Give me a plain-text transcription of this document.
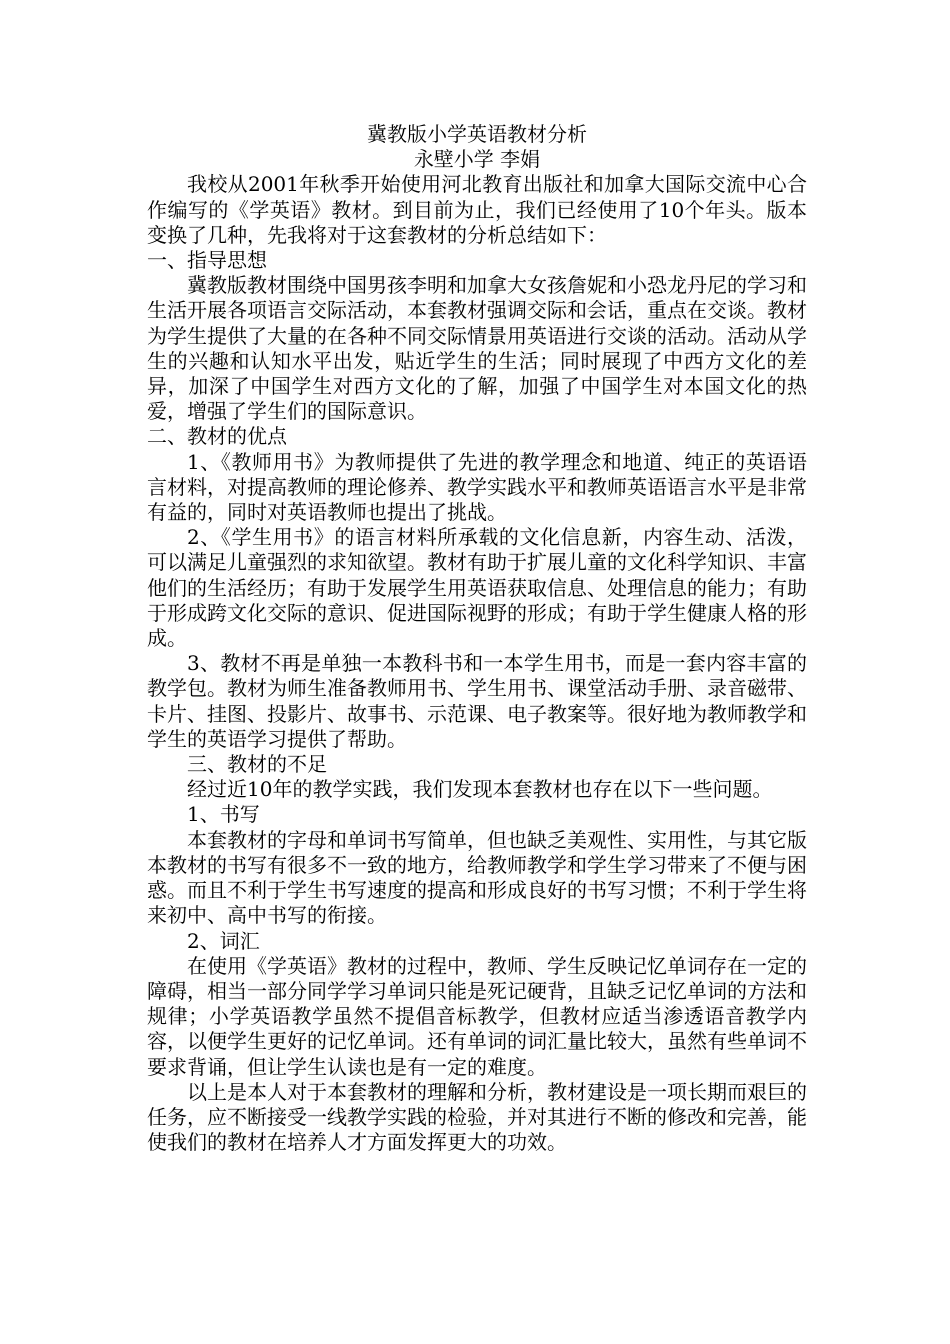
冀教版小学英语教材分析
永壁小学 李娟

我校从2001年秋季开始使用河北教育出版社和加拿大国际交流中心合作编写的《学英语》教材。到目前为止，我们已经使用了10个年头。版本变换了几种，先我将对于这套教材的分析总结如下：

一、指导思想

冀教版教材围绕中国男孩李明和加拿大女孩詹妮和小恐龙丹尼的学习和生活开展各项语言交际活动，本套教材强调交际和会话，重点在交谈。教材为学生提供了大量的在各种不同交际情景用英语进行交谈的活动。活动从学生的兴趣和认知水平出发，贴近学生的生活；同时展现了中西方文化的差异，加深了中国学生对西方文化的了解，加强了中国学生对本国文化的热爱，增强了学生们的国际意识。

二、教材的优点

1、《教师用书》为教师提供了先进的教学理念和地道、纯正的英语语言材料，对提高教师的理论修养、教学实践水平和教师英语语言水平是非常有益的，同时对英语教师也提出了挑战。

2、《学生用书》的语言材料所承载的文化信息新，内容生动、活泼，可以满足儿童强烈的求知欲望。教材有助于扩展儿童的文化科学知识、丰富他们的生活经历；有助于发展学生用英语获取信息、处理信息的能力；有助于形成跨文化交际的意识、促进国际视野的形成；有助于学生健康人格的形成。

3、教材不再是单独一本教科书和一本学生用书，而是一套内容丰富的教学包。教材为师生准备教师用书、学生用书、课堂活动手册、录音磁带、卡片、挂图、投影片、故事书、示范课、电子教案等。很好地为教师教学和学生的英语学习提供了帮助。

三、教材的不足

经过近10年的教学实践，我们发现本套教材也存在以下一些问题。

1、书写

本套教材的字母和单词书写简单，但也缺乏美观性、实用性，与其它版本教材的书写有很多不一致的地方，给教师教学和学生学习带来了不便与困惑。而且不利于学生书写速度的提高和形成良好的书写习惯；不利于学生将来初中、高中书写的衔接。

2、词汇

在使用《学英语》教材的过程中，教师、学生反映记忆单词存在一定的障碍，相当一部分同学学习单词只能是死记硬背，且缺乏记忆单词的方法和规律；小学英语教学虽然不提倡音标教学，但教材应适当渗透语音教学内容，以便学生更好的记忆单词。还有单词的词汇量比较大，虽然有些单词不要求背诵，但让学生认读也是有一定的难度。

以上是本人对于本套教材的理解和分析，教材建设是一项长期而艰巨的任务，应不断接受一线教学实践的检验，并对其进行不断的修改和完善，能使我们的教材在培养人才方面发挥更大的功效。
